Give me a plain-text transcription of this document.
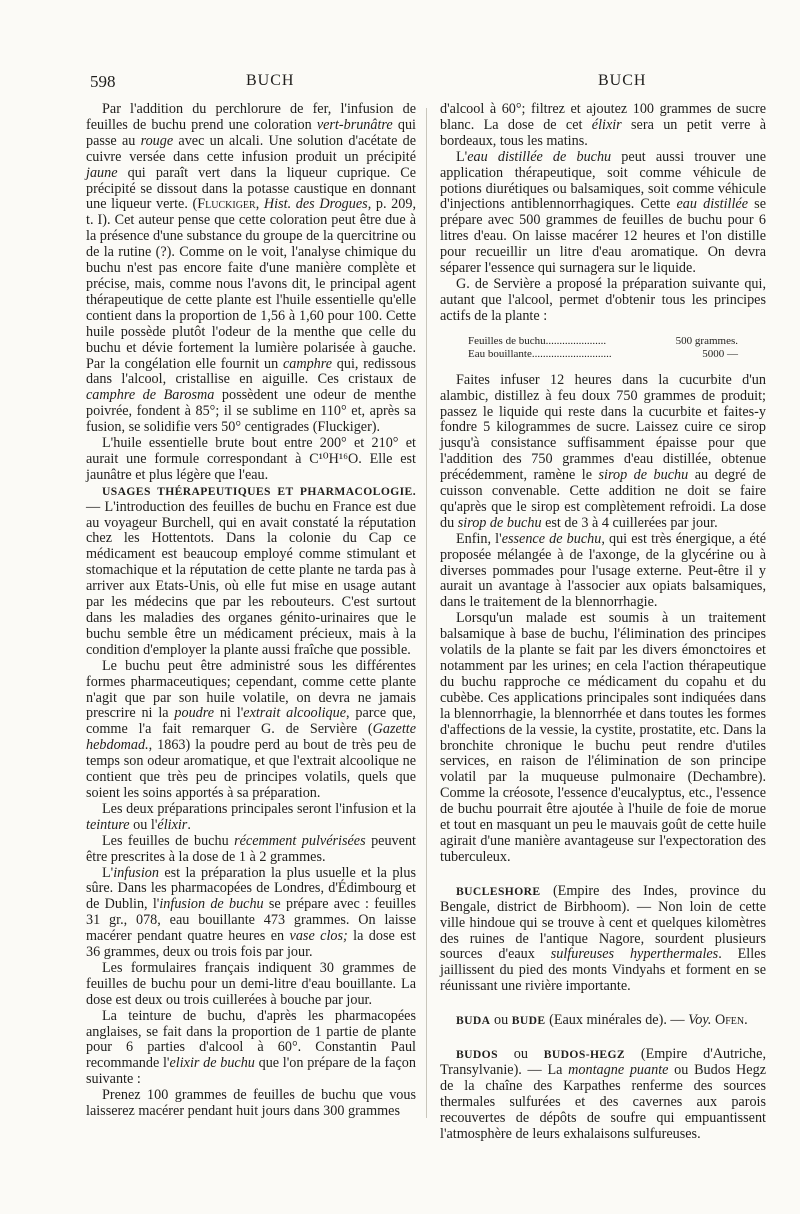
598	BUCH	BUCH

Par l'addition du perchlorure de fer, l'infusion de feuilles de buchu prend une coloration vert-brunâtre qui passe au rouge avec un alcali. Une solution d'acétate de cuivre versée dans cette infusion produit un précipité jaune qui paraît vert dans la liqueur cuprique. Ce précipité se dissout dans la potasse caustique en donnant une liqueur verte. (Fluckiger, Hist. des Drogues, p. 209, t. I). Cet auteur pense que cette coloration peut être due à la présence d'une substance du groupe de la quercitrine ou de la rutine (?). Comme on le voit, l'analyse chimique du buchu n'est pas encore faite d'une manière complète et précise, mais, comme nous l'avons dit, le principal agent thérapeutique de cette plante est l'huile essentielle qu'elle contient dans la proportion de 1,56 à 1,60 pour 100. Cette huile possède plutôt l'odeur de la menthe que celle du buchu et dévie fortement la lumière polarisée à gauche. Par la congélation elle fournit un camphre qui, redissous dans l'alcool, cristallise en aiguille. Ces cristaux de camphre de Barosma possèdent une odeur de menthe poivrée, fondent à 85°; il se sublime en 110° et, après sa fusion, se solidifie vers 50° centigrades (Fluckiger).

L'huile essentielle brute bout entre 200° et 210° et aurait une formule correspondant à C¹⁰H¹⁶O. Elle est jaunâtre et plus légère que l'eau.

USAGES THÉRAPEUTIQUES ET PHARMACOLOGIE. — L'introduction des feuilles de buchu en France est due au voyageur Burchell, qui en avait constaté la réputation chez les Hottentots. Dans la colonie du Cap ce médicament est beaucoup employé comme stimulant et stomachique et la réputation de cette plante ne tarda pas à arriver aux Etats-Unis, où elle fut mise en usage autant par les médecins que par les rebouteurs. C'est surtout dans les maladies des organes génito-urinaires que le buchu semble être un médicament précieux, mais à la condition d'employer la plante aussi fraîche que possible.

Le buchu peut être administré sous les différentes formes pharmaceutiques; cependant, comme cette plante n'agit que par son huile volatile, on devra ne jamais prescrire ni la poudre ni l'extrait alcoolique, parce que, comme l'a fait remarquer G. de Servière (Gazette hebdomad., 1863) la poudre perd au bout de très peu de temps son odeur aromatique, et que l'extrait alcoolique ne contient que très peu de principes volatils, quels que soient les soins apportés à sa préparation.

Les deux préparations principales seront l'infusion et la teinture ou l'élixir.

Les feuilles de buchu récemment pulvérisées peuvent être prescrites à la dose de 1 à 2 grammes.

L'infusion est la préparation la plus usuelle et la plus sûre. Dans les pharmacopées de Londres, d'Édimbourg et de Dublin, l'infusion de buchu se prépare avec : feuilles 31 gr., 078, eau bouillante 473 grammes. On laisse macérer pendant quatre heures en vase clos; la dose est 36 grammes, deux ou trois fois par jour.

Les formulaires français indiquent 30 grammes de feuilles de buchu pour un demi-litre d'eau bouillante. La dose est deux ou trois cuillerées à bouche par jour.

La teinture de buchu, d'après les pharmacopées anglaises, se fait dans la proportion de 1 partie de plante pour 6 parties d'alcool à 60°. Constantin Paul recommande l'elixir de buchu que l'on prépare de la façon suivante :

Prenez 100 grammes de feuilles de buchu que vous laisserez macérer pendant huit jours dans 300 grammes

d'alcool à 60°; filtrez et ajoutez 100 grammes de sucre blanc. La dose de cet élixir sera un petit verre à bordeaux, tous les matins.

L'eau distillée de buchu peut aussi trouver une application thérapeutique, soit comme véhicule de potions diurétiques ou balsamiques, soit comme véhicule d'injections antiblennorrhagiques. Cette eau distillée se prépare avec 500 grammes de feuilles de buchu pour 6 litres d'eau. On laisse macérer 12 heures et l'on distille pour recueillir un litre d'eau aromatique. On devra séparer l'essence qui surnagera sur le liquide.

G. de Servière a proposé la préparation suivante qui, autant que l'alcool, permet d'obtenir tous les principes actifs de la plante :

Feuilles de buchu......................	500 grammes.
Eau bouillante.............................	5000 —

Faites infuser 12 heures dans la cucurbite d'un alambic, distillez à feu doux 750 grammes de produit; passez le liquide qui reste dans la cucurbite et faites-y fondre 5 kilogrammes de sucre. Laissez cuire ce sirop jusqu'à consistance suffisamment épaisse pour que l'addition des 750 grammes d'eau distillée, obtenue précédemment, ramène le sirop de buchu au degré de cuisson convenable. Cette addition ne doit se faire qu'après que le sirop est complètement refroidi. La dose du sirop de buchu est de 3 à 4 cuillerées par jour.

Enfin, l'essence de buchu, qui est très énergique, a été proposée mélangée à de l'axonge, de la glycérine ou à diverses pommades pour l'usage externe. Peut-être il y aurait un avantage à l'associer aux opiats balsamiques, dans le traitement de la blennorrhagie.

Lorsqu'un malade est soumis à un traitement balsamique à base de buchu, l'élimination des principes volatils de la plante se fait par les divers émonctoires et notamment par les urines; en cela l'action thérapeutique du buchu rapproche ce médicament du copahu et du cubèbe. Ces applications principales sont indiquées dans la blennorrhagie, la blennorrhée et dans toutes les formes d'affections de la vessie, la cystite, prostatite, etc. Dans la bronchite chronique le buchu peut rendre d'utiles services, en raison de l'élimination de son principe volatil par la muqueuse pulmonaire (Dechambre). Comme la créosote, l'essence d'eucalyptus, etc., l'essence de buchu pourrait être ajoutée à l'huile de foie de morue et tout en masquant un peu le mauvais goût de cette huile agirait d'une manière avantageuse sur l'expectoration des tuberculeux.

BUCLESHORE (Empire des Indes, province du Bengale, district de Birbhoom). — Non loin de cette ville hindoue qui se trouve à cent et quelques kilomètres des ruines de l'antique Nagore, sourdent plusieurs sources d'eaux sulfureuses hyperthermales. Elles jaillissent du pied des monts Vindyahs et forment en se réunissant une rivière importante.

BUDA ou BUDE (Eaux minérales de). — Voy. Ofen.

BUDOS ou BUDOS-HEGZ (Empire d'Autriche, Transylvanie). — La montagne puante ou Budos Hegz de la chaîne des Karpathes renferme des sources thermales sulfurées et des cavernes aux parois recouvertes de dépôts de soufre qui empuantissent l'atmosphère de leurs exhalaisons sulfureuses.
